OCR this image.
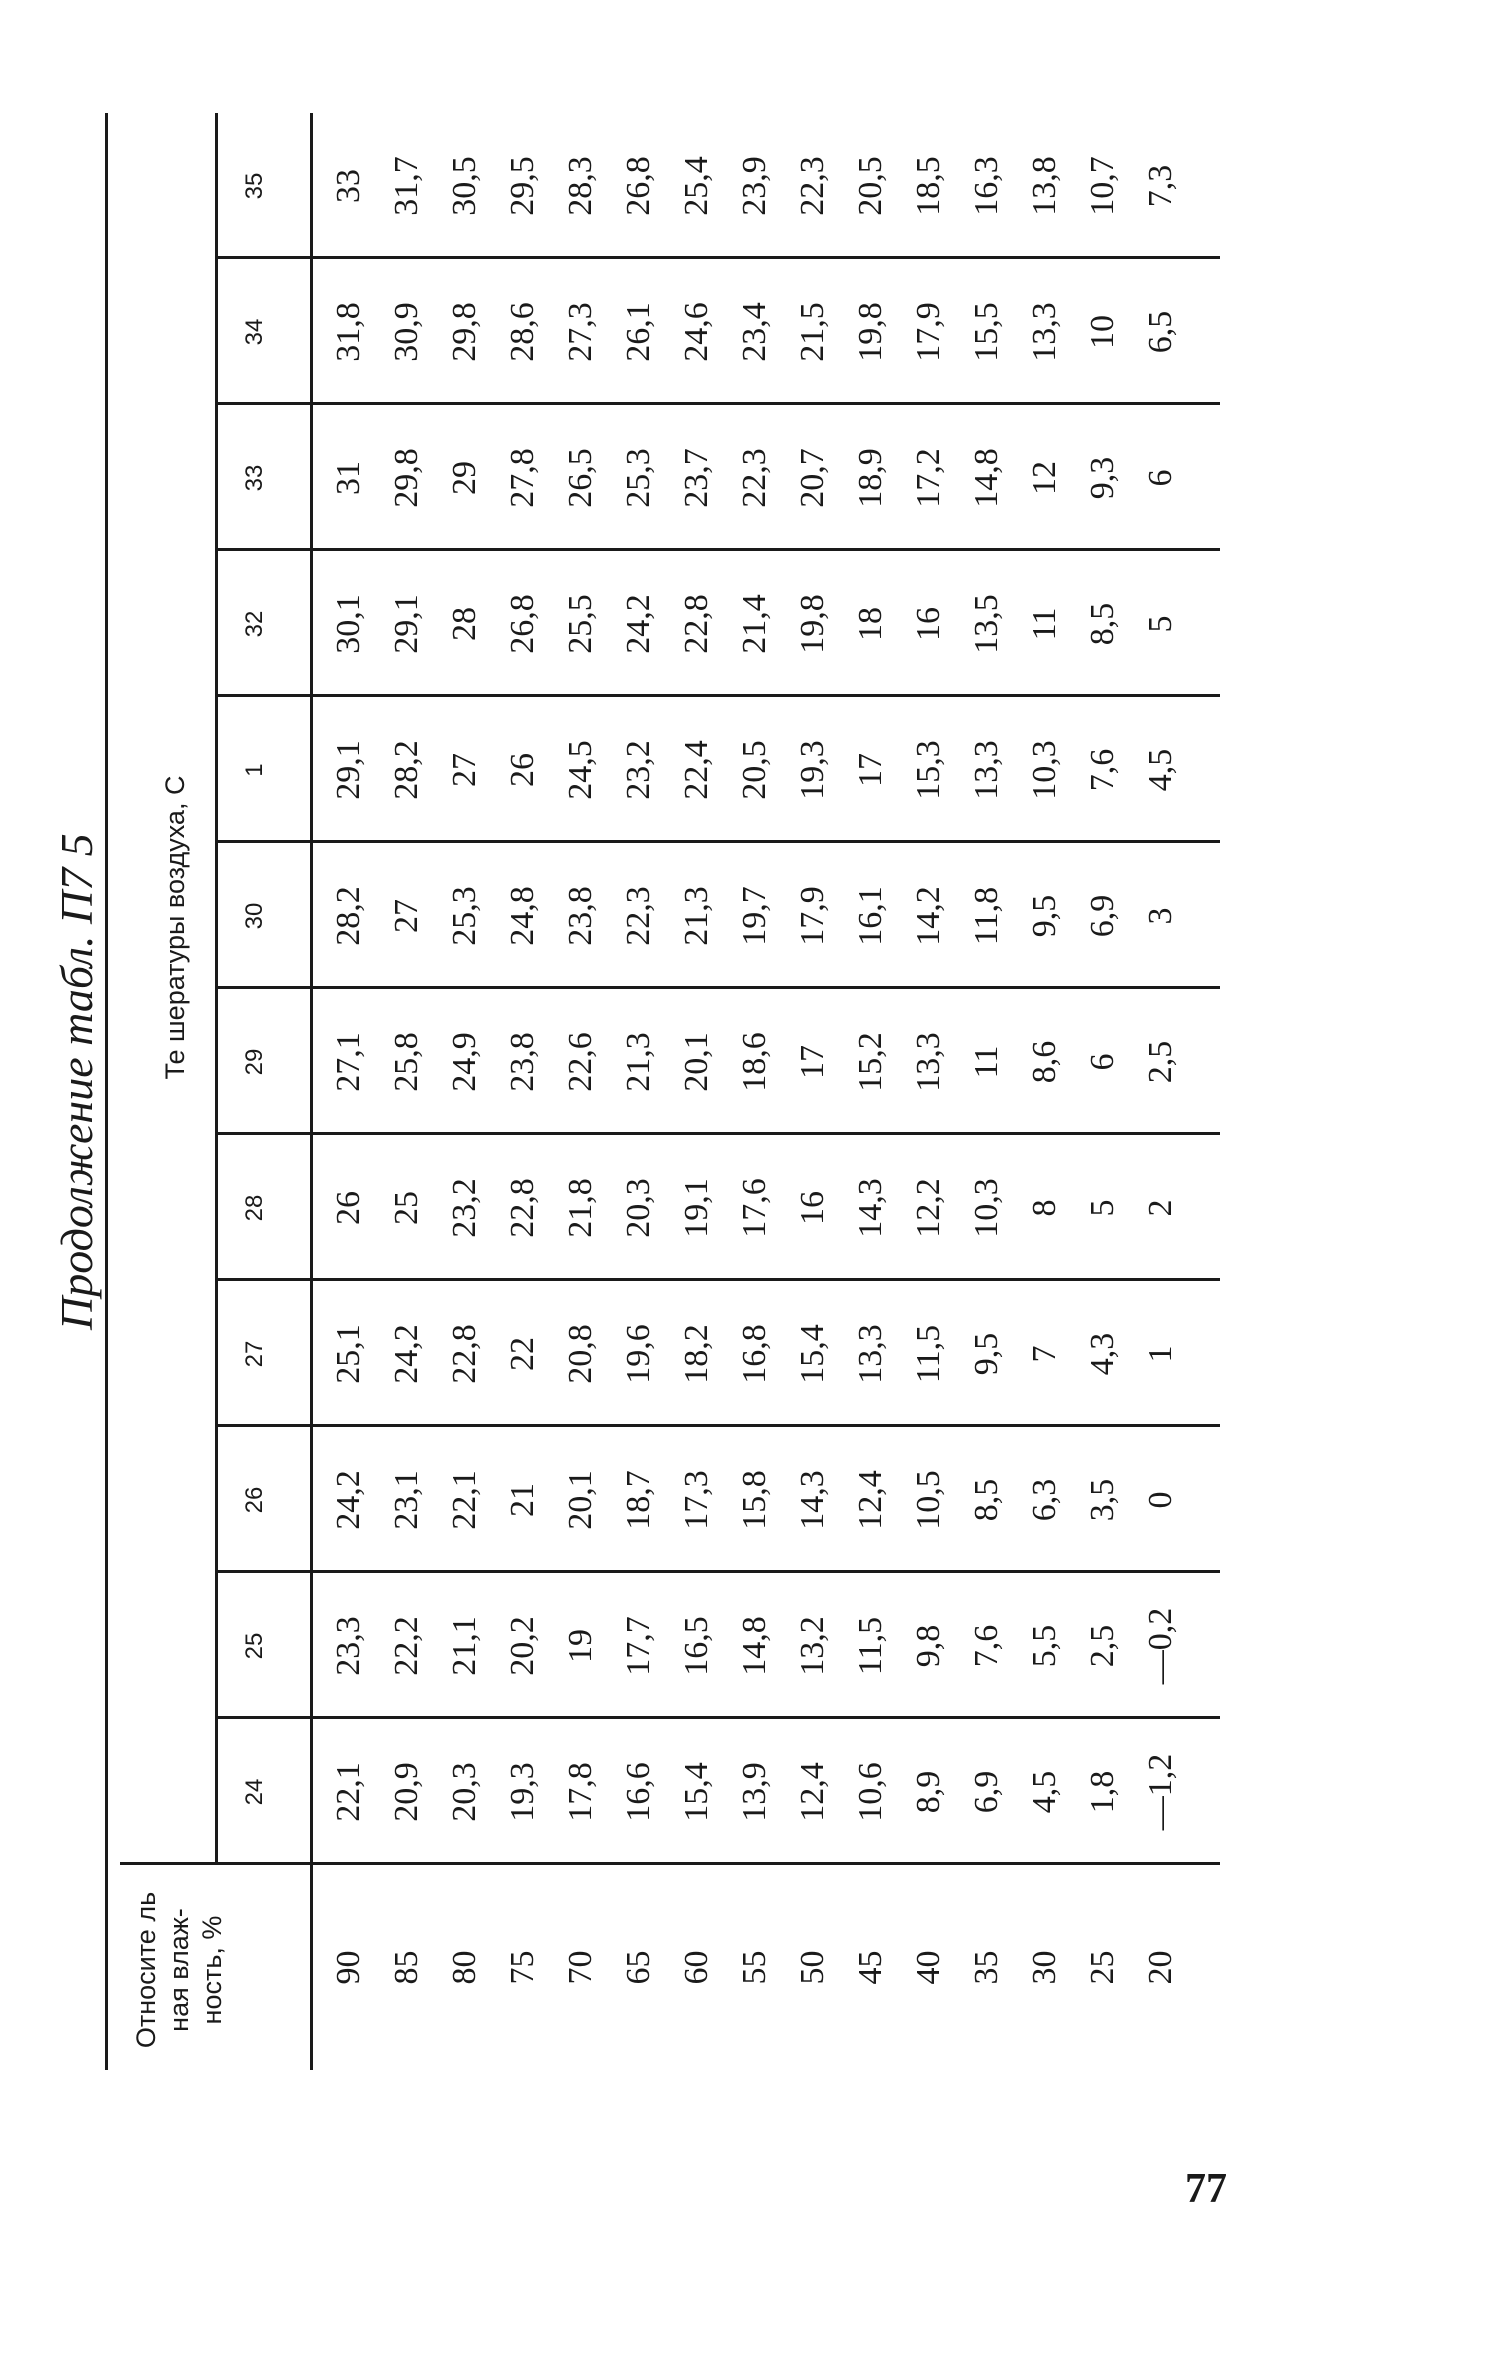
Продолжение табл. П7 5
Относите ль ная влаж- ность, %
Те шературы воздуха, С
24
25
26
27
28
29
30
1
32
33
34
35
90
22,1
23,3
24,2
25,1
26
27,1
28,2
29,1
30,1
31
31,8
33
85
20,9
22,2
23,1
24,2
25
25,8
27
28,2
29,1
29,8
30,9
31,7
80
20,3
21,1
22,1
22,8
23,2
24,9
25,3
27
28
29
29,8
30,5
75
19,3
20,2
21
22
22,8
23,8
24,8
26
26,8
27,8
28,6
29,5
70
17,8
19
20,1
20,8
21,8
22,6
23,8
24,5
25,5
26,5
27,3
28,3
65
16,6
17,7
18,7
19,6
20,3
21,3
22,3
23,2
24,2
25,3
26,1
26,8
60
15,4
16,5
17,3
18,2
19,1
20,1
21,3
22,4
22,8
23,7
24,6
25,4
55
13,9
14,8
15,8
16,8
17,6
18,6
19,7
20,5
21,4
22,3
23,4
23,9
50
12,4
13,2
14,3
15,4
16
17
17,9
19,3
19,8
20,7
21,5
22,3
45
10,6
11,5
12,4
13,3
14,3
15,2
16,1
17
18
18,9
19,8
20,5
40
8,9
9,8
10,5
11,5
12,2
13,3
14,2
15,3
16
17,2
17,9
18,5
35
6,9
7,6
8,5
9,5
10,3
11
11,8
13,3
13,5
14,8
15,5
16,3
30
4,5
5,5
6,3
7
8
8,6
9,5
10,3
11
12
13,3
13,8
25
1,8
2,5
3,5
4,3
5
6
6,9
7,6
8,5
9,3
10
10,7
20
—1,2
—0,2
0
1
2
2,5
3
4,5
5
6
6,5
7,3
77
